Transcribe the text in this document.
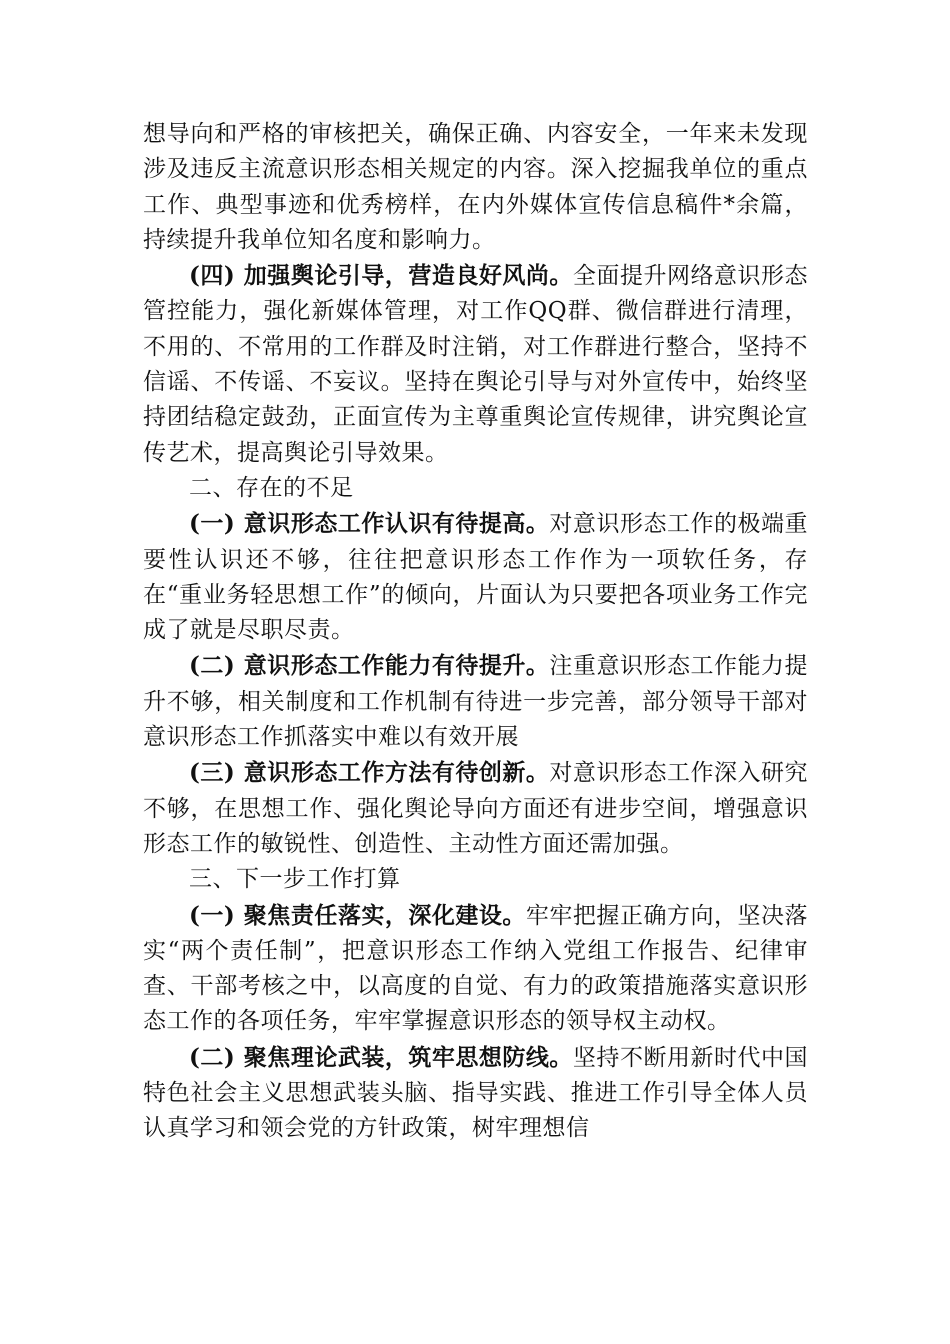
想导向和严格的审核把关，确保正确、内容安全，一年来未发现涉及违反主流意识形态相关规定的内容。深入挖掘我单位的重点工作、典型事迹和优秀榜样，在内外媒体宣传信息稿件*余篇，持续提升我单位知名度和影响力。

(四) 加强舆论引导，营造良好风尚。全面提升网络意识形态管控能力，强化新媒体管理，对工作QQ群、微信群进行清理，不用的、不常用的工作群及时注销，对工作群进行整合，坚持不信谣、不传谣、不妄议。坚持在舆论引导与对外宣传中，始终坚持团结稳定鼓劲，正面宣传为主尊重舆论宣传规律，讲究舆论宣传艺术，提高舆论引导效果。

二、存在的不足

(一) 意识形态工作认识有待提高。对意识形态工作的极端重要性认识还不够，往往把意识形态工作作为一项软任务，存在“重业务轻思想工作”的倾向，片面认为只要把各项业务工作完成了就是尽职尽责。

(二) 意识形态工作能力有待提升。注重意识形态工作能力提升不够，相关制度和工作机制有待进一步完善，部分领导干部对意识形态工作抓落实中难以有效开展

(三) 意识形态工作方法有待创新。对意识形态工作深入研究不够，在思想工作、强化舆论导向方面还有进步空间，增强意识形态工作的敏锐性、创造性、主动性方面还需加强。

三、下一步工作打算

(一) 聚焦责任落实，深化建设。牢牢把握正确方向，坚决落实“两个责任制”，把意识形态工作纳入党组工作报告、纪律审查、干部考核之中，以高度的自觉、有力的政策措施落实意识形态工作的各项任务，牢牢掌握意识形态的领导权主动权。

(二) 聚焦理论武装，筑牢思想防线。坚持不断用新时代中国特色社会主义思想武装头脑、指导实践、推进工作引导全体人员认真学习和领会党的方针政策，树牢理想信
